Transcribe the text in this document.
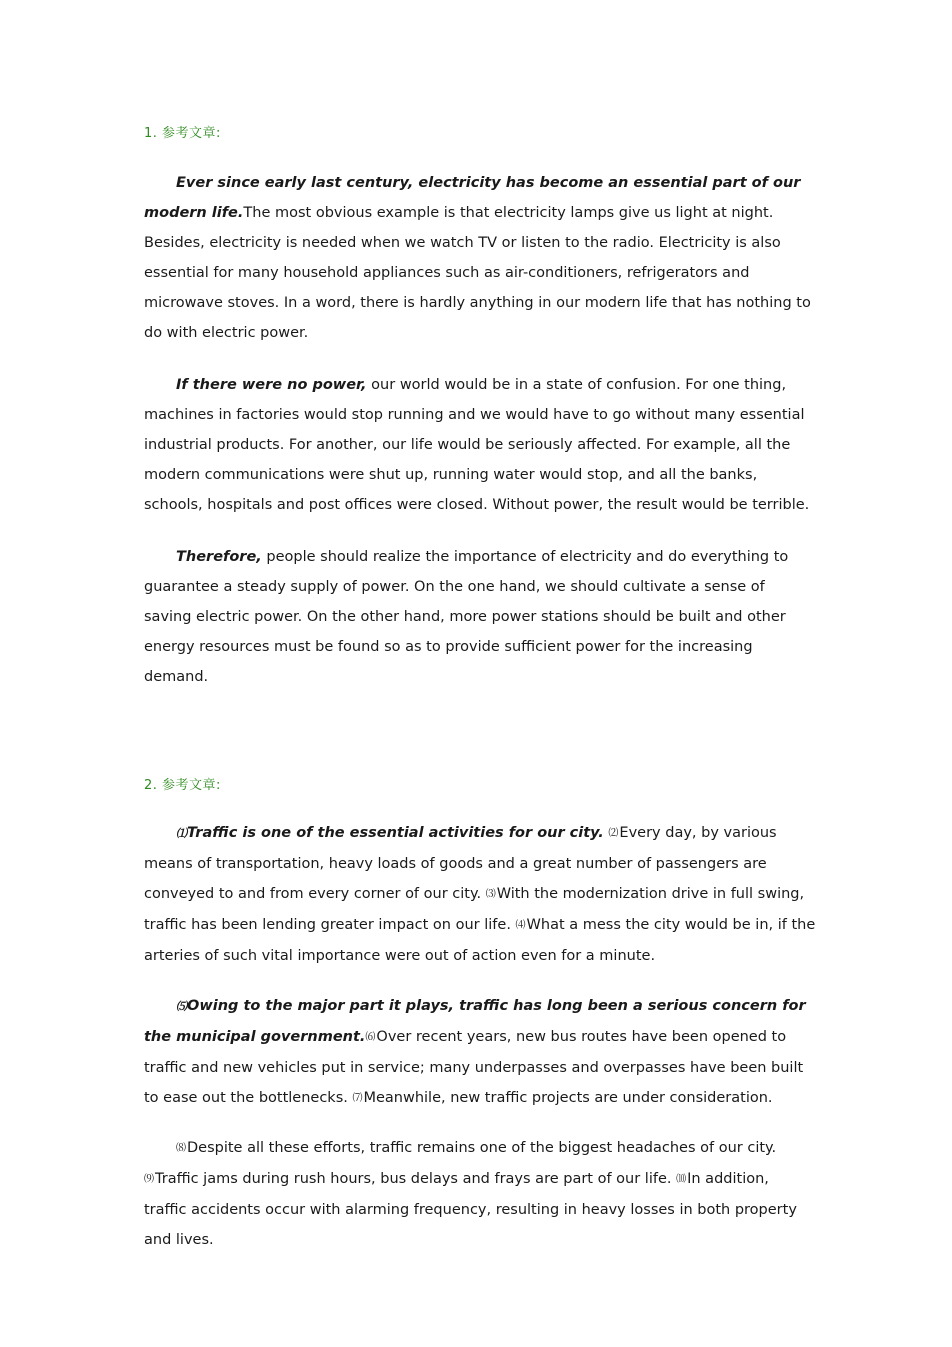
1. 参考文章:

Ever since early last century, electricity has become an essential part of our modern life.The most obvious example is that electricity lamps give us light at night. Besides, electricity is needed when we watch TV or listen to the radio. Electricity is also essential for many household appliances such as air-conditioners, refrigerators and microwave stoves. In a word, there is hardly anything in our modern life that has nothing to do with electric power.

If there were no power, our world would be in a state of confusion. For one thing, machines in factories would stop running and we would have to go without many essential industrial products. For another, our life would be seriously affected. For example, all the modern communications were shut up, running water would stop, and all the banks, schools, hospitals and post offices were closed. Without power, the result would be terrible.

Therefore, people should realize the importance of electricity and do everything to guarantee a steady supply of power. On the one hand, we should cultivate a sense of saving electric power. On the other hand, more power stations should be built and other energy resources must be found so as to provide sufficient power for the increasing demand.

2. 参考文章:

⑴Traffic is one of the essential activities for our city. ⑵Every day, by various means of transportation, heavy loads of goods and a great number of passengers are conveyed to and from every corner of our city. ⑶With the modernization drive in full swing, traffic has been lending greater impact on our life. ⑷What a mess the city would be in, if the arteries of such vital importance were out of action even for a minute.

⑸Owing to the major part it plays, traffic has long been a serious concern for the municipal government.⑹Over recent years, new bus routes have been opened to traffic and new vehicles put in service; many underpasses and overpasses have been built to ease out the bottlenecks. ⑺Meanwhile, new traffic projects are under consideration.

⑻Despite all these efforts, traffic remains one of the biggest headaches of our city. ⑼Traffic jams during rush hours, bus delays and frays are part of our life. ⑽In addition, traffic accidents occur with alarming frequency, resulting in heavy losses in both property and lives.
